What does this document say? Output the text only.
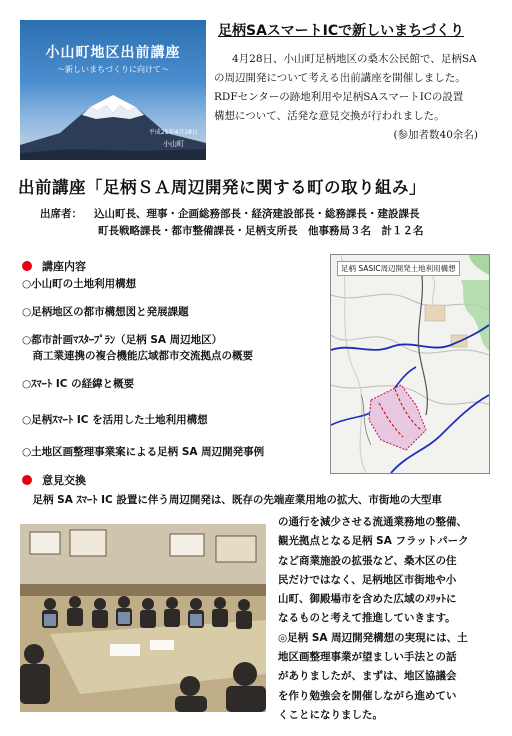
小山町地区出前講座
～新しいまちづくりに向けて～
平成25年4月28日
小山町
足柄SAスマートICで新しいまちづくり

4月28日、小山町足柄地区の桑木公民館で、足柄SA

の周辺開発について考える出前講座を開催しました。

RDFセンターの跡地利用や足柄SAスマートICの設置

構想について、活発な意見交換が行われました。

(参加者数40余名)

出前講座「足柄ＳＡ周辺開発に関する町の取り組み」
出席者： 込山町長、理事・企画総務部長・経済建設部長・総務課長・建設課長
町長戦略課長・都市整備課長・足柄支所長　他事務局３名　計１２名
講座内容
○小山町の土地利用構想
○足柄地区の都市構想図と発展課題
○都市計画ﾏｽﾀｰﾌﾟﾗﾝ（足柄 SA 周辺地区）
　商工業連携の複合機能広域都市交流拠点の概要
○ｽﾏｰﾄ IC の経緯と概要
○足柄ｽﾏｰﾄ IC を活用した土地利用構想
○土地区画整理事業案による足柄 SA 周辺開発事例
足柄 SASIC周辺開発土地利用構想
意見交換
　足柄 SA ｽﾏｰﾄ IC 設置に伴う周辺開発は、既存の先端産業用地の拡大、市街地の大型車
の通行を減少させる流通業務地の整備、
観光拠点となる足柄 SA フラットパーク
など商業施設の拡張など、桑木区の住
民だけではなく、足柄地区市街地や小
山町、御殿場市を含めた広域のﾒﾘｯﾄに
なるものと考えて推進していきます。
◎足柄 SA 周辺開発構想の実現には、土
地区画整理事業が望ましい手法との話
がありましたが、まずは、地区協議会
を作り勉強会を開催しながら進めてい
くことになりました。
